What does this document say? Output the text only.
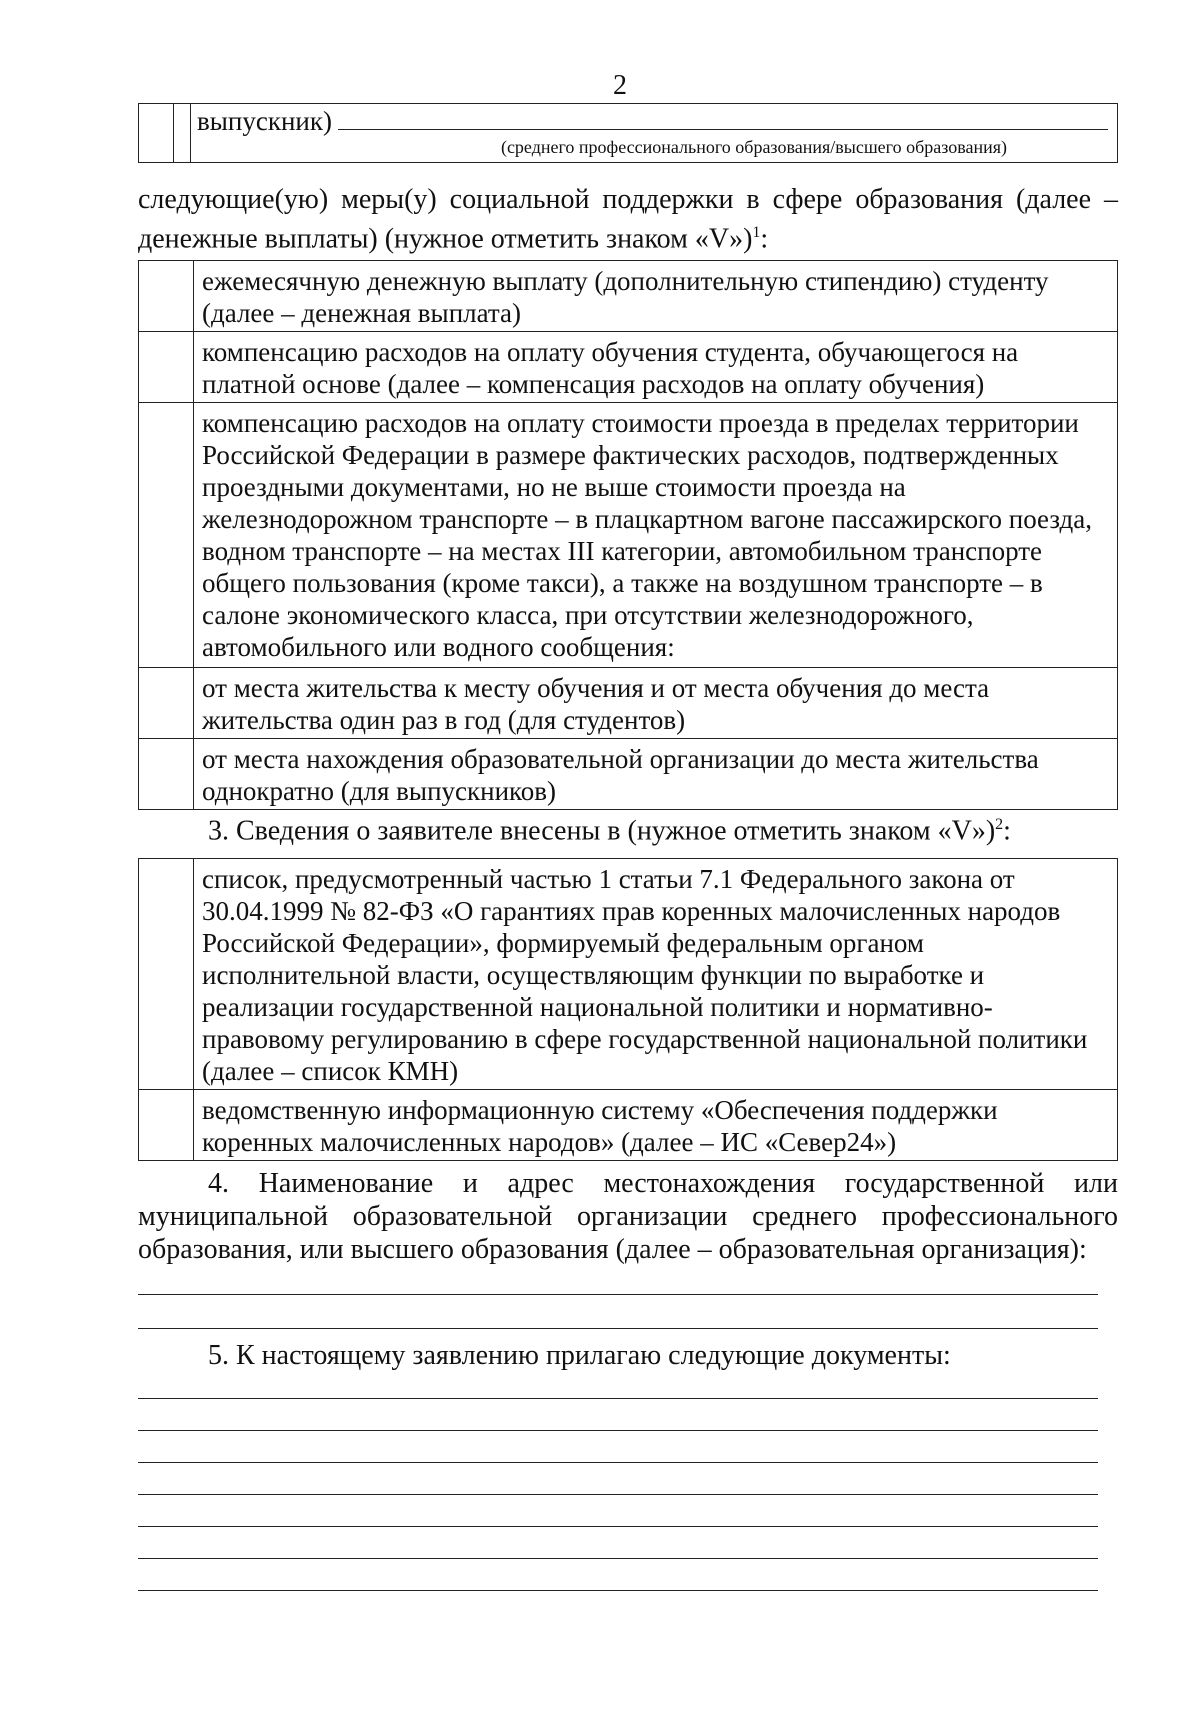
2

выпускник)
(среднего профессионального образования/высшего образования)

следующие(ую) меры(у) социальной поддержки в сфере образования (далее – денежные выплаты) (нужное отметить знаком «V»)$^1$:

	ежемесячную денежную выплату (дополнительную стипендию) студенту (далее – денежная выплата)
	компенсацию расходов на оплату обучения студента, обучающегося на платной основе (далее – компенсация расходов на оплату обучения)
	компенсацию расходов на оплату стоимости проезда в пределах территории Российской Федерации в размере фактических расходов, подтвержденных проездными документами, но не выше стоимости проезда на железнодорожном транспорте – в плацкартном вагоне пассажирского поезда, водном транспорте – на местах III категории, автомобильном транспорте общего пользования (кроме такси), а также на воздушном транспорте – в салоне экономического класса, при отсутствии железнодорожного, автомобильного или водного сообщения:
	от места жительства к месту обучения и от места обучения до места жительства один раз в год (для студентов)
	от места нахождения образовательной организации до места жительства однократно (для выпускников)

3. Сведения о заявителе внесены в (нужное отметить знаком «V»)$^2$:

	список, предусмотренный частью 1 статьи 7.1 Федерального закона от 30.04.1999 № 82-ФЗ «О гарантиях прав коренных малочисленных народов Российской Федерации», формируемый федеральным органом исполнительной власти, осуществляющим функции по выработке и реализации государственной национальной политики и нормативно-правовому регулированию в сфере государственной национальной политики (далее – список КМН)
	ведомственную информационную систему «Обеспечения поддержки коренных малочисленных народов» (далее – ИС «Север24»)

4. Наименование и адрес местонахождения государственной или муниципальной образовательной организации среднего профессионального образования, или высшего образования (далее – образовательная организация):

5. К настоящему заявлению прилагаю следующие документы:
